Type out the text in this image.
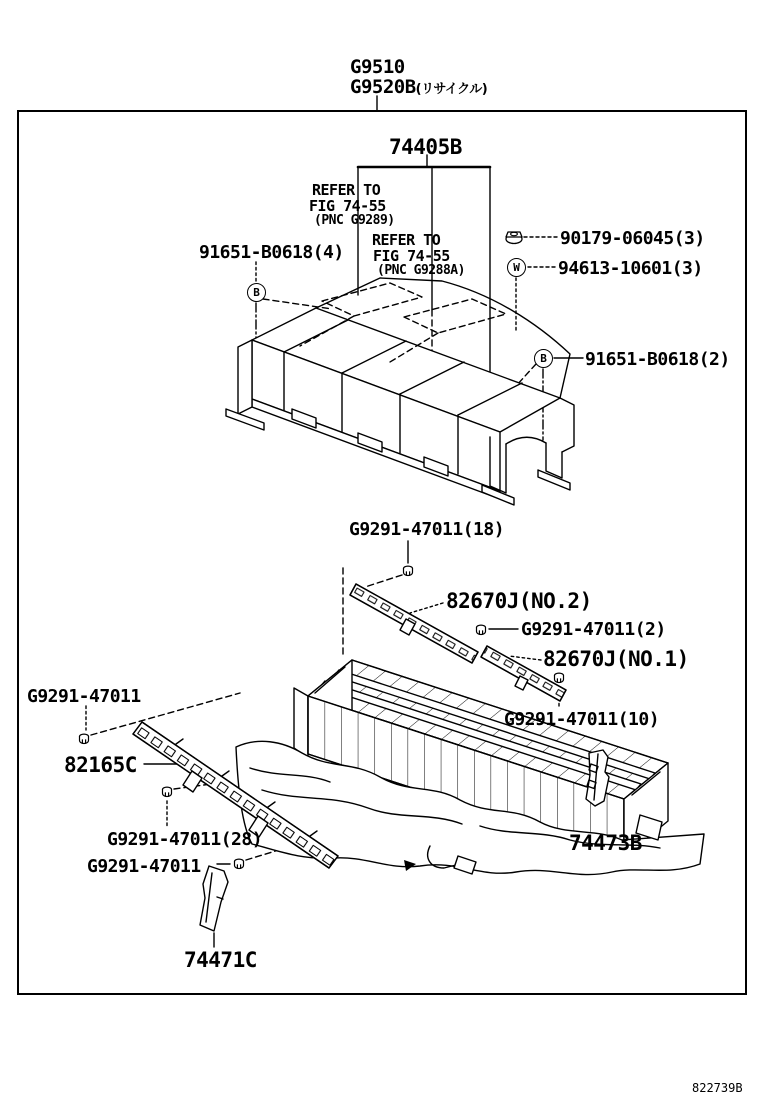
G9510
G9520B(リサイクル)
74405B
REFER TO
FIG 74-55
(PNC G9289)
REFER TO
FIG 74-55
(PNC G9288A)
91651-B0618(4)
B
90179-06045(3)
94613-10601(3)
W
91651-B0618(2)
B
G9291-47011(18)
82670J(NO.2)
G9291-47011(2)
82670J(NO.1)
G9291-47011(10)
G9291-47011
82165C
G9291-47011(28)
G9291-47011
74473B
74471C
822739B
